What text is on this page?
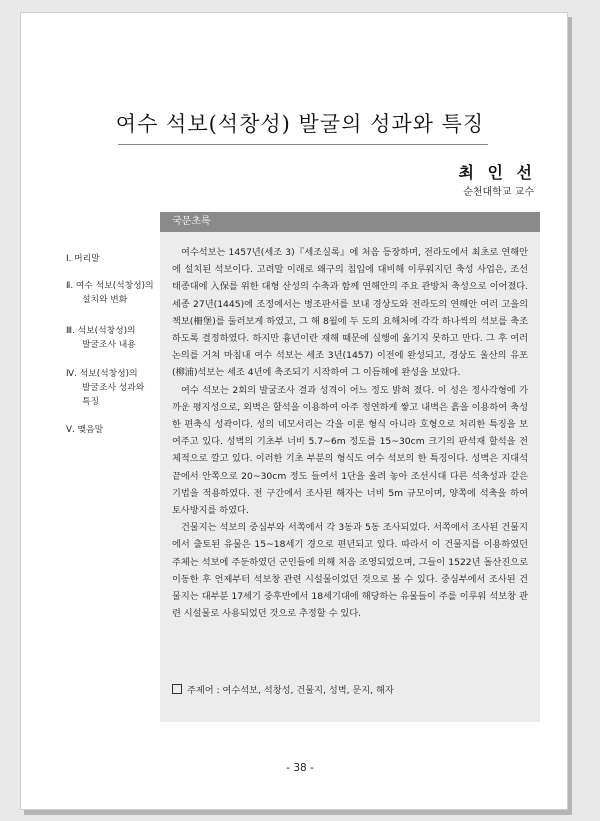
여수 석보(석창성) 발굴의 성과와 특징
최 인 선
순천대학교 교수
Ⅰ. 머리말
Ⅱ. 여수 석보(석창성)의
설치와 변화
Ⅲ. 석보(석창성)의
발굴조사 내용
Ⅳ. 석보(석창성)의
발굴조사 성과와
특징
Ⅴ. 맺음말
국문초록

여수석보는 1457년(세조 3)『세조실록』에 처음 등장하며, 전라도에서 최초로 연해안에 설치된 석보이다. 고려말 이래로 왜구의 침입에 대비해 이루워지던 축성 사업은, 조선 태종대에 入保를 위한 대형 산성의 수축과 함께 연해안의 주요 관방처 축성으로 이어졌다. 세종 27년(1445)에 조정에서는 병조판서를 보내 경상도와 전라도의 연해안 여러 고을의 책보(柵堡)를 둘러보게 하였고, 그 해 8월에 두 도의 요해처에 각각 하나씩의 석보를 축조하도록 결정하였다. 하지만 흉년이란 재해 때문에 실행에 옮기지 못하고 만다. 그 후 여러 논의를 거쳐 마침내 여수 석보는 세조 3년(1457) 이전에 완성되고, 경상도 울산의 유포(柳浦)석보는 세조 4년에 축조되기 시작하여 그 이듬해에 완성을 보았다.

여수 석보는 2회의 발굴조사 결과 성격이 어느 정도 밝혀 졌다. 이 성은 정사각형에 가까운 평지성으로, 외벽은 할석을 이용하여 아주 정연하게 쌓고 내벽은 흙을 이용하여 축성한 편축식 성곽이다. 성의 네모서리는 각을 이룬 형식 아니라 호형으로 처리한 특징을 보여주고 있다. 성벽의 기초부 너비 5.7~6m 정도를 15~30cm 크기의 판석재 할석을 전체적으로 깔고 있다. 이러한 기초 부분의 형식도 여수 석보의 한 특징이다. 성벽은 지대석 끝에서 안쪽으로 20~30cm 정도 들여서 1단을 올려 놓아 조선시대 다른 석축성과 같은 기법을 적용하였다. 전 구간에서 조사된 해자는 너비 5m 규모이며, 양쪽에 석축을 하여 토사방지를 하였다.

건물지는 석보의 중심부와 서쪽에서 각 3동과 5동 조사되었다. 서쪽에서 조사된 건물지에서 출토된 유물은 15~18세기 경으로 편년되고 있다. 따라서 이 건물지를 이용하였던 주체는 석보에 주둔하였던 군인들에 의해 처음 조영되었으며, 그들이 1522년 돌산진으로 이동한 후 언제부터 석보창 관련 시설물이었던 것으로 볼 수 있다. 중심부에서 조사된 건물지는 대부분 17세기 중후반에서 18세기대에 해당하는 유물들이 주를 이루워 석보창 관련 시설물로 사용되었던 것으로 추정할 수 있다.

주제어 : 여수석보, 석창성, 건물지, 성벽, 문지, 해자
- 38 -
